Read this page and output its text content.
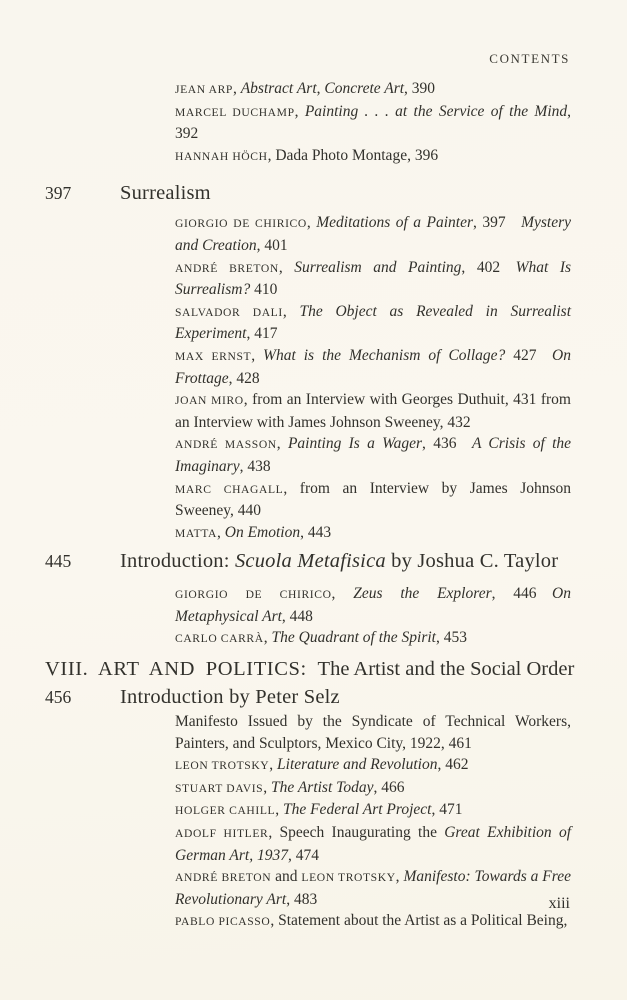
CONTENTS

JEAN ARP, Abstract Art, Concrete Art, 390

MARCEL DUCHAMP, Painting . . . at the Service of the Mind, 392

HANNAH HÖCH, Dada Photo Montage, 396

397	Surrealism

GIORGIO DE CHIRICO, Meditations of a Painter, 397 Mystery and Creation, 401

ANDRÉ BRETON, Surrealism and Painting, 402 What Is Surrealism? 410

SALVADOR DALI, The Object as Revealed in Surrealist Experiment, 417

MAX ERNST, What is the Mechanism of Collage? 427 On Frottage, 428

JOAN MIRO, from an Interview with Georges Duthuit, 431 from an Interview with James Johnson Sweeney, 432

ANDRÉ MASSON, Painting Is a Wager, 436 A Crisis of the Imaginary, 438

MARC CHAGALL, from an Interview by James Johnson Sweeney, 440

MATTA, On Emotion, 443

445	Introduction: Scuola Metafisica by Joshua C. Taylor

GIORGIO DE CHIRICO, Zeus the Explorer, 446 On Metaphysical Art, 448

CARLO CARRÀ, The Quadrant of the Spirit, 453

VIII. ART AND POLITICS: The Artist and the Social Order
456	Introduction by Peter Selz

Manifesto Issued by the Syndicate of Technical Workers, Painters, and Sculptors, Mexico City, 1922, 461

LEON TROTSKY, Literature and Revolution, 462

STUART DAVIS, The Artist Today, 466

HOLGER CAHILL, The Federal Art Project, 471

ADOLF HITLER, Speech Inaugurating the Great Exhibition of German Art, 1937, 474

ANDRÉ BRETON and LEON TROTSKY, Manifesto: Towards a Free Revolutionary Art, 483

PABLO PICASSO, Statement about the Artist as a Political Being,

xiii
